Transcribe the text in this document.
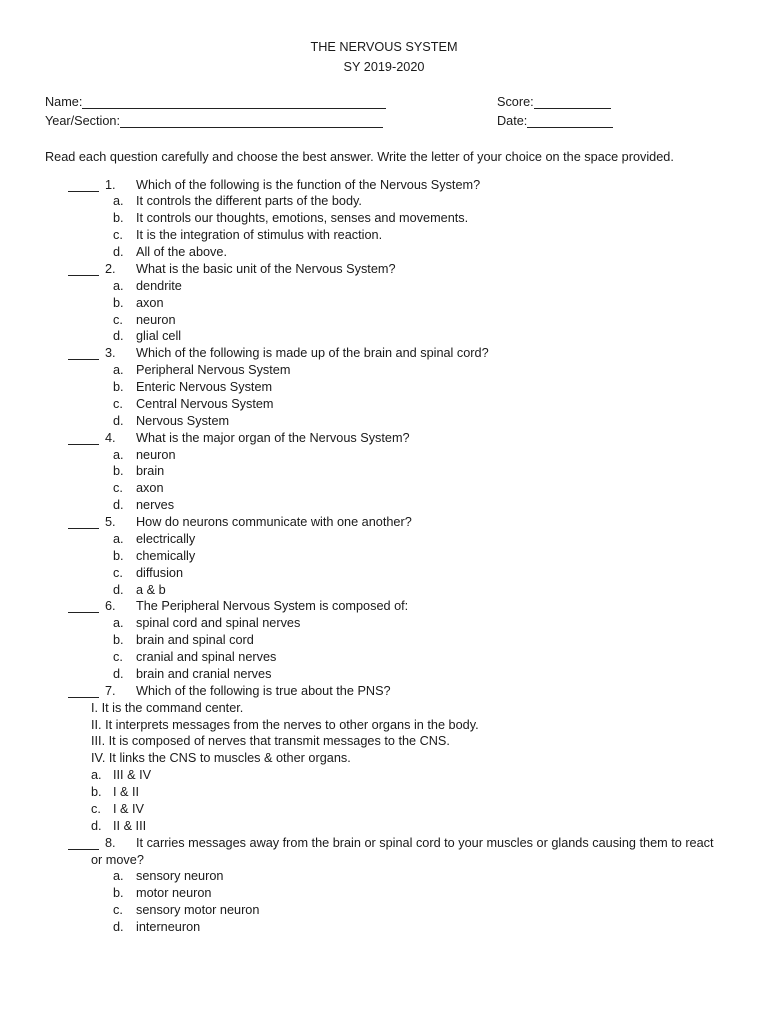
THE NERVOUS SYSTEM
SY 2019-2020
Name:	Score:
Year/Section:	Date:
Read each question carefully and choose the best answer. Write the letter of your choice on the space provided.
1. Which of the following is the function of the Nervous System?
a. It controls the different parts of the body.
b. It controls our thoughts, emotions, senses and movements.
c. It is the integration of stimulus with reaction.
d. All of the above.
2. What is the basic unit of the Nervous System?
a. dendrite
b. axon
c. neuron
d. glial cell
3. Which of the following is made up of the brain and spinal cord?
a. Peripheral Nervous System
b. Enteric Nervous System
c. Central Nervous System
d. Nervous System
4. What is the major organ of the Nervous System?
a. neuron
b. brain
c. axon
d. nerves
5. How do neurons communicate with one another?
a. electrically
b. chemically
c. diffusion
d. a & b
6. The Peripheral Nervous System is composed of:
a. spinal cord and spinal nerves
b. brain and spinal cord
c. cranial and spinal nerves
d. brain and cranial nerves
7. Which of the following is true about the PNS?
I. It is the command center.
II. It interprets messages from the nerves to other organs in the body.
III. It is composed of nerves that transmit messages to the CNS.
IV. It links the CNS to muscles & other organs.
a. III & IV
b. I & II
c. I & IV
d. II & III
8.	It carries messages away from the brain or spinal cord to your muscles or glands causing them to react or move?
a. sensory neuron
b. motor neuron
c. sensory motor neuron
d. interneuron
